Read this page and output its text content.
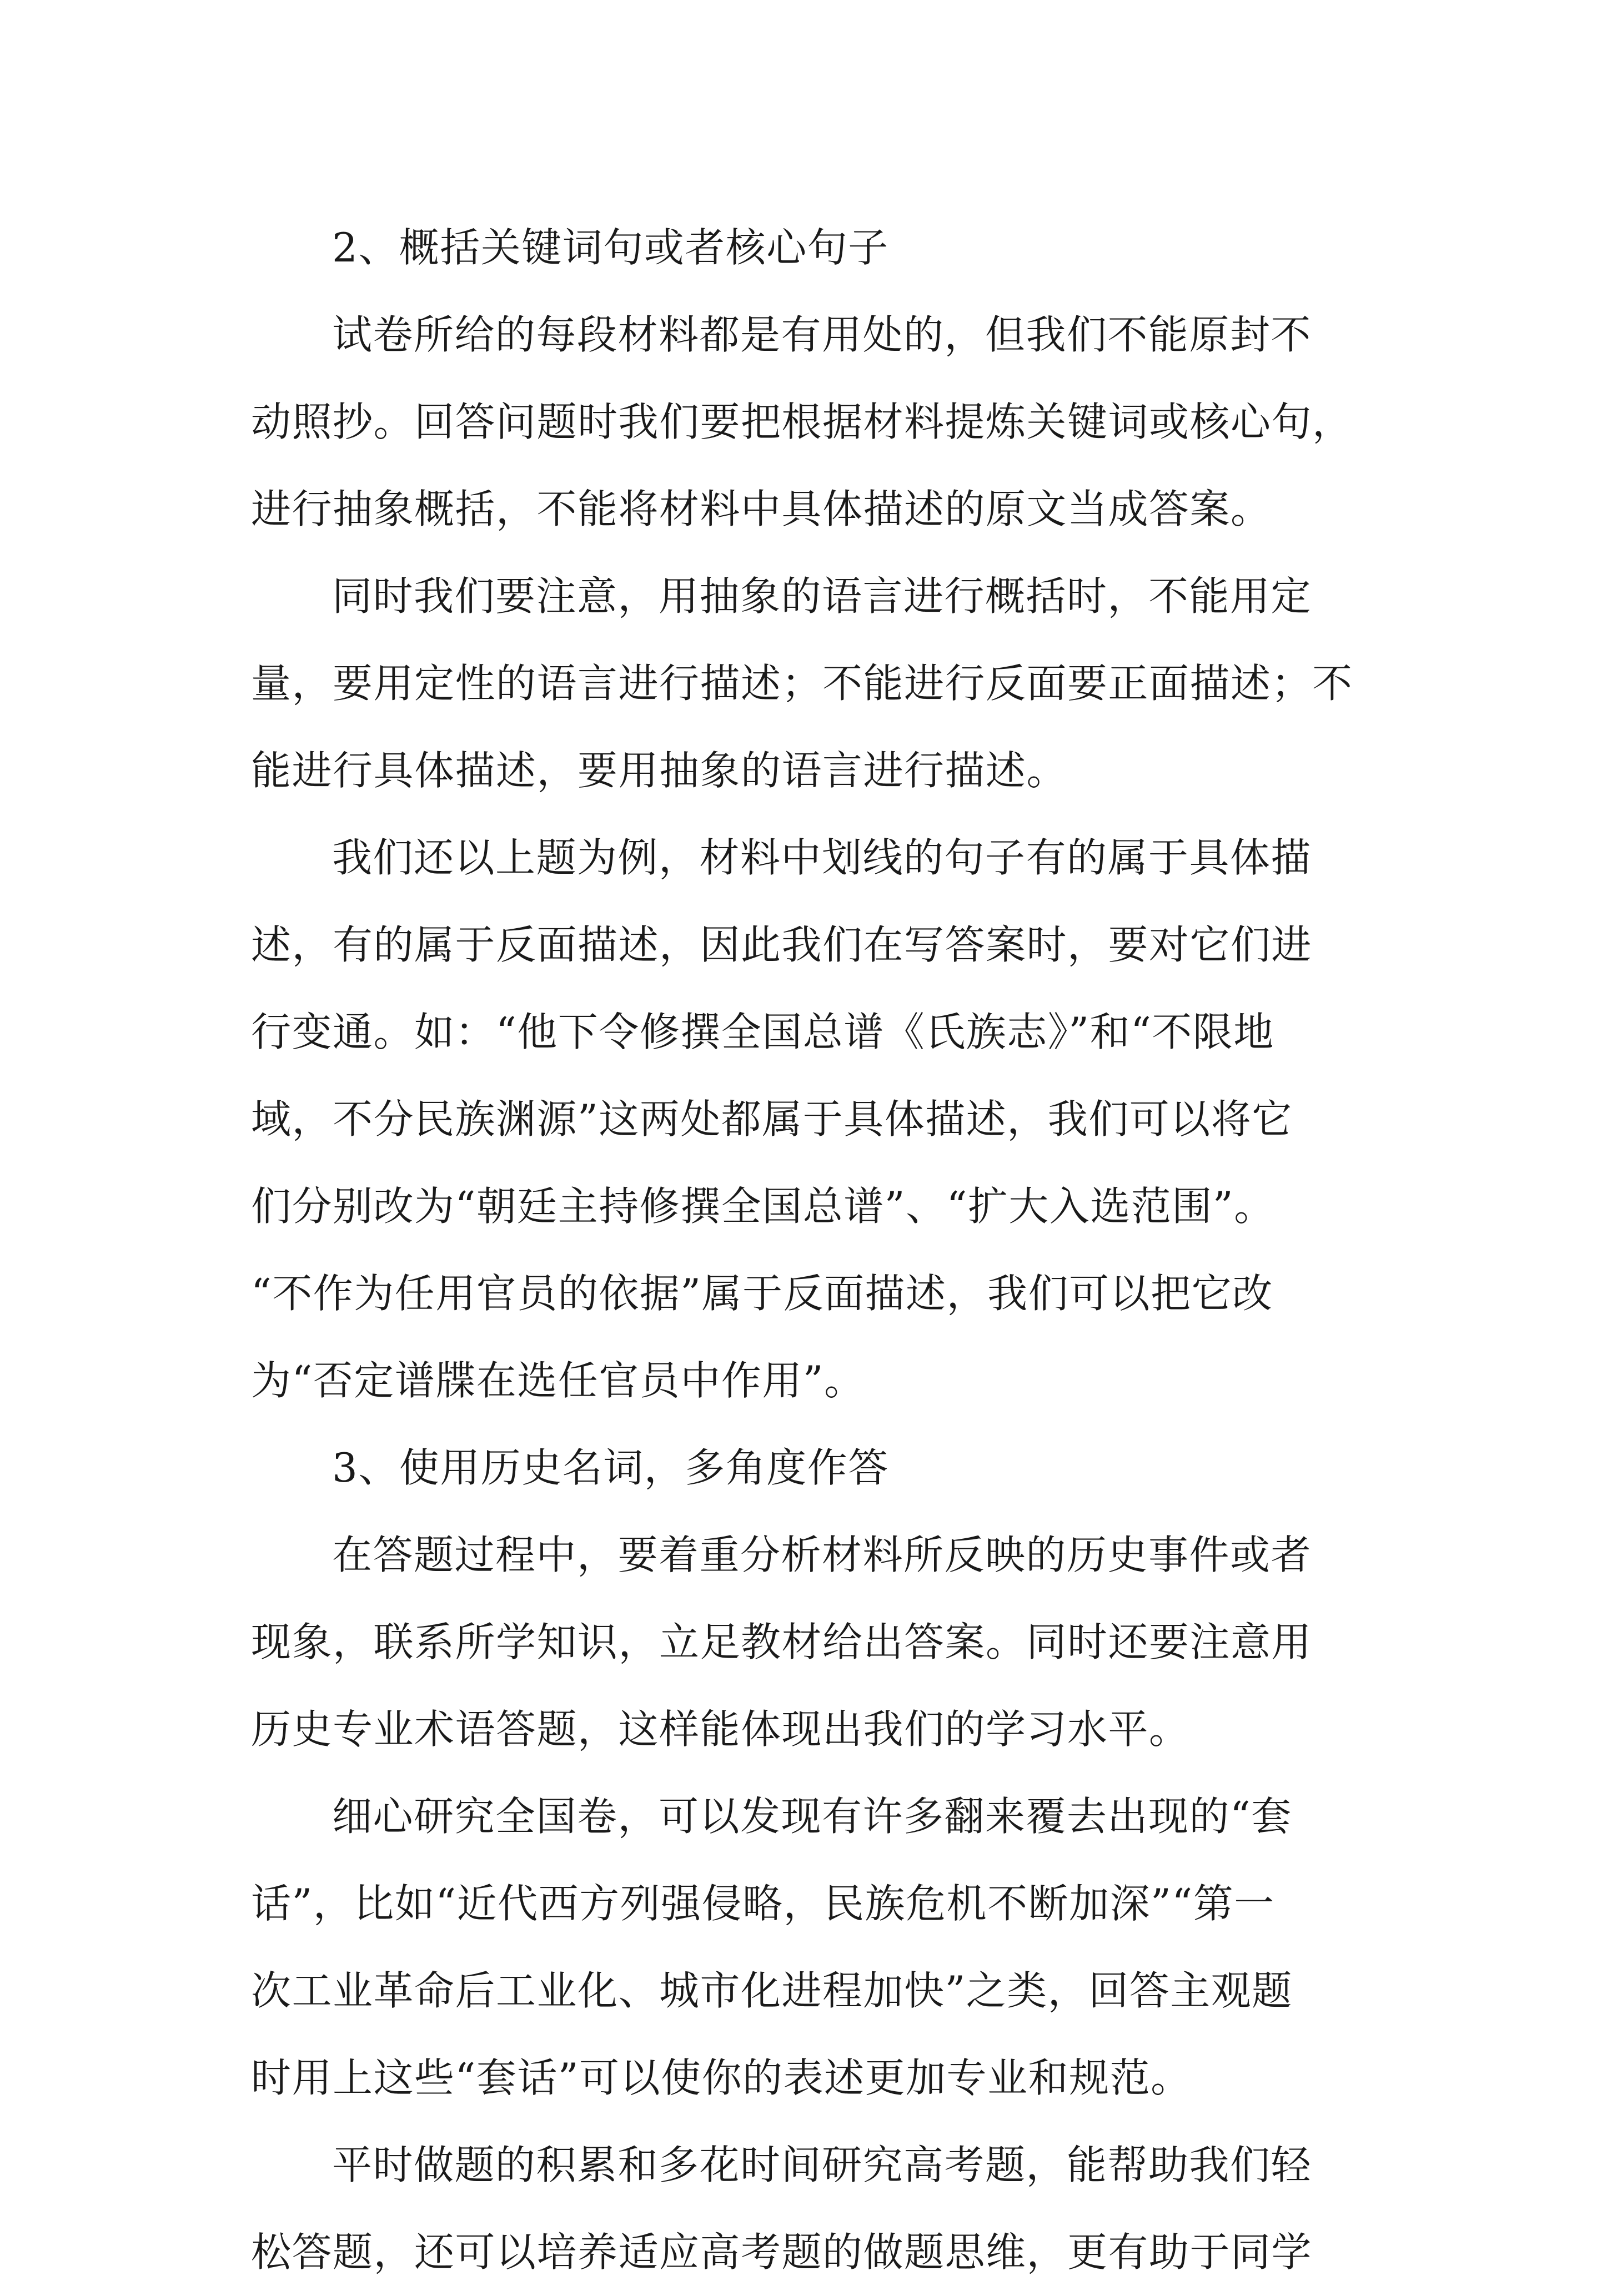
2、概括关键词句或者核心句子
试卷所给的每段材料都是有用处的，但我们不能原封不
动照抄。回答问题时我们要把根据材料提炼关键词或核心句，
进行抽象概括，不能将材料中具体描述的原文当成答案。
同时我们要注意，用抽象的语言进行概括时，不能用定
量，要用定性的语言进行描述；不能进行反面要正面描述；不
能进行具体描述，要用抽象的语言进行描述。
我们还以上题为例，材料中划线的句子有的属于具体描
述，有的属于反面描述，因此我们在写答案时，要对它们进
行变通。如：“他下令修撰全国总谱《氏族志》”和“不限地
域，不分民族渊源”这两处都属于具体描述，我们可以将它
们分别改为“朝廷主持修撰全国总谱”、“扩大入选范围”。
“不作为任用官员的依据”属于反面描述，我们可以把它改
为“否定谱牒在选任官员中作用”。
3、使用历史名词，多角度作答
在答题过程中，要着重分析材料所反映的历史事件或者
现象，联系所学知识，立足教材给出答案。同时还要注意用
历史专业术语答题，这样能体现出我们的学习水平。
细心研究全国卷，可以发现有许多翻来覆去出现的“套
话”，比如“近代西方列强侵略，民族危机不断加深”“第一
次工业革命后工业化、城市化进程加快”之类，回答主观题
时用上这些“套话”可以使你的表述更加专业和规范。
平时做题的积累和多花时间研究高考题，能帮助我们轻
松答题，还可以培养适应高考题的做题思维，更有助于同学
